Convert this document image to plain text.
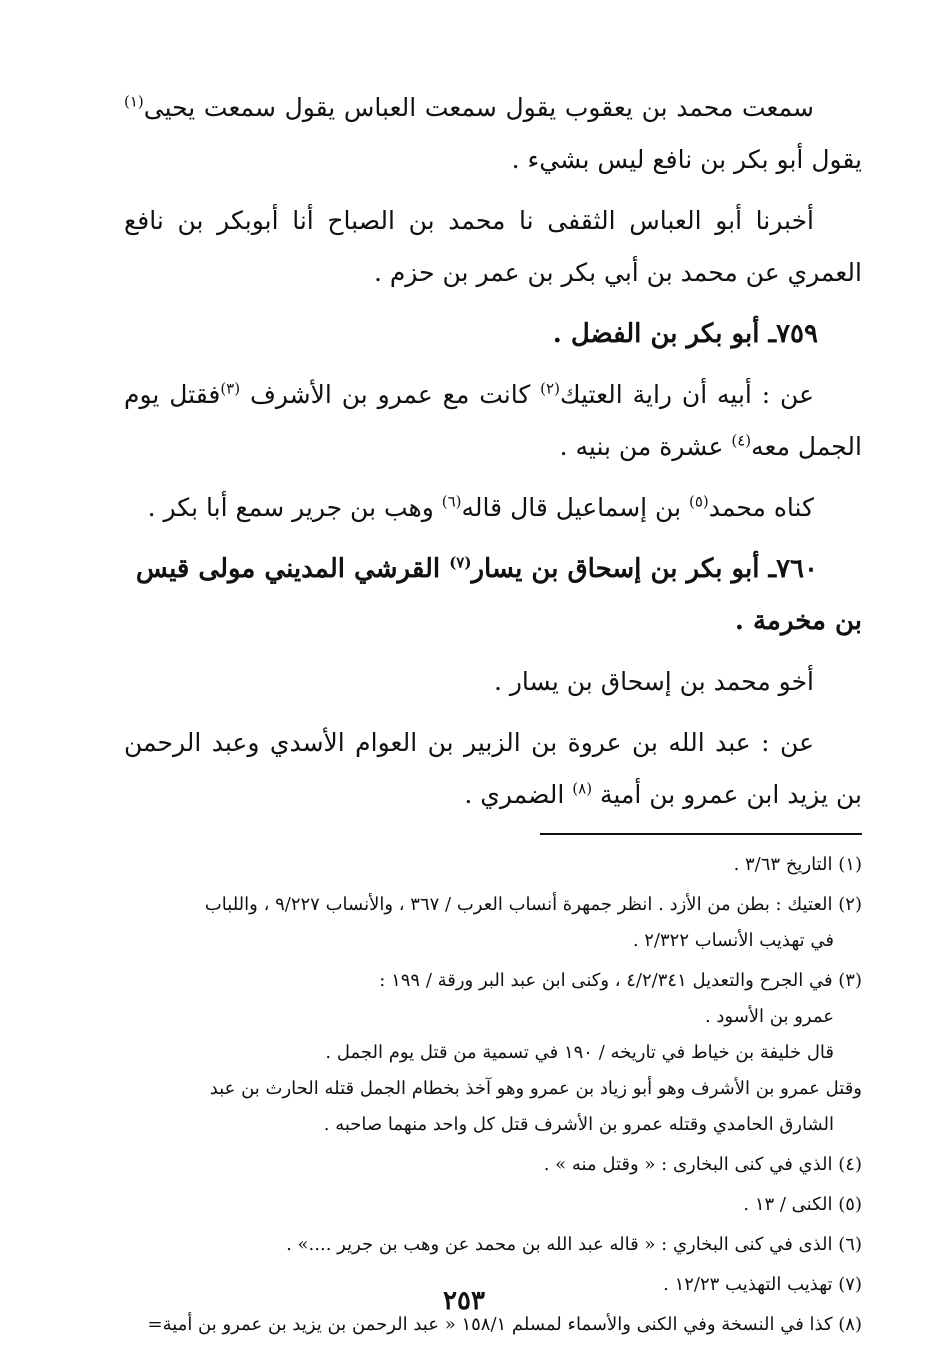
سمعت محمد بن يعقوب يقول سمعت العباس يقول سمعت يحيى$^{(١)}$ يقول أبو بكر بن نافع ليس بشيء .

أخبرنا أبو العباس الثقفى نا محمد بن الصباح أنا أبوبكر بن نافع العمري عن محمد بن أبي بكر بن عمر بن حزم .

٧٥٩ـ أبو بكر بن الفضل .

عن : أبيه أن راية العتيك$^{(٢)}$ كانت مع عمرو بن الأشرف $^{(٣)}$فقتل يوم الجمل معه$^{(٤)}$ عشرة من بنيه .

كناه محمد$^{(٥)}$ بن إسماعيل قال قاله$^{(٦)}$ وهب بن جرير سمع أبا بكر .

٧٦٠ـ أبو بكر بن إسحاق بن يسار$^{(٧)}$ القرشي المديني مولى قيس بن مخرمة .

أخو محمد بن إسحاق بن يسار .

عن : عبد الله بن عروة بن الزبير بن العوام الأسدي وعبد الرحمن بن يزيد ابن عمرو بن أمية $^{(٨)}$ الضمري .

(١) التاريخ ٣/٦٣ .

(٢) العتيك : بطن من الأزد . انظر جمهرة أنساب العرب / ٣٦٧ ، والأنساب ٩/٢٢٧ ، واللباب
في تهذيب الأنساب ٢/٣٢٢ .

(٣) في الجرح والتعديل ٤/٢/٣٤١ ، وكنى ابن عبد البر ورقة / ١٩٩ :
عمرو بن الأسود .
قال خليفة بن خياط في تاريخه / ١٩٠ في تسمية من قتل يوم الجمل .
وقتل عمرو بن الأشرف وهو أبو زياد بن عمرو وهو آخذ بخطام الجمل قتله الحارث بن عبد
الشارق الحامدي وقتله عمرو بن الأشرف قتل كل واحد منهما صاحبه .

(٤) الذي في كنى البخارى : « وقتل منه » .

(٥) الكنى / ١٣ .

(٦) الذى في كنى البخاري : « قاله عبد الله بن محمد عن وهب بن جرير ....» .

(٧) تهذيب التهذيب ١٢/٢٣ .

(٨) كذا في النسخة وفي الكنى والأسماء لمسلم ١٥٨/١ « عبد الرحمن بن يزيد بن عمرو بن أمية=

٢٥٣
